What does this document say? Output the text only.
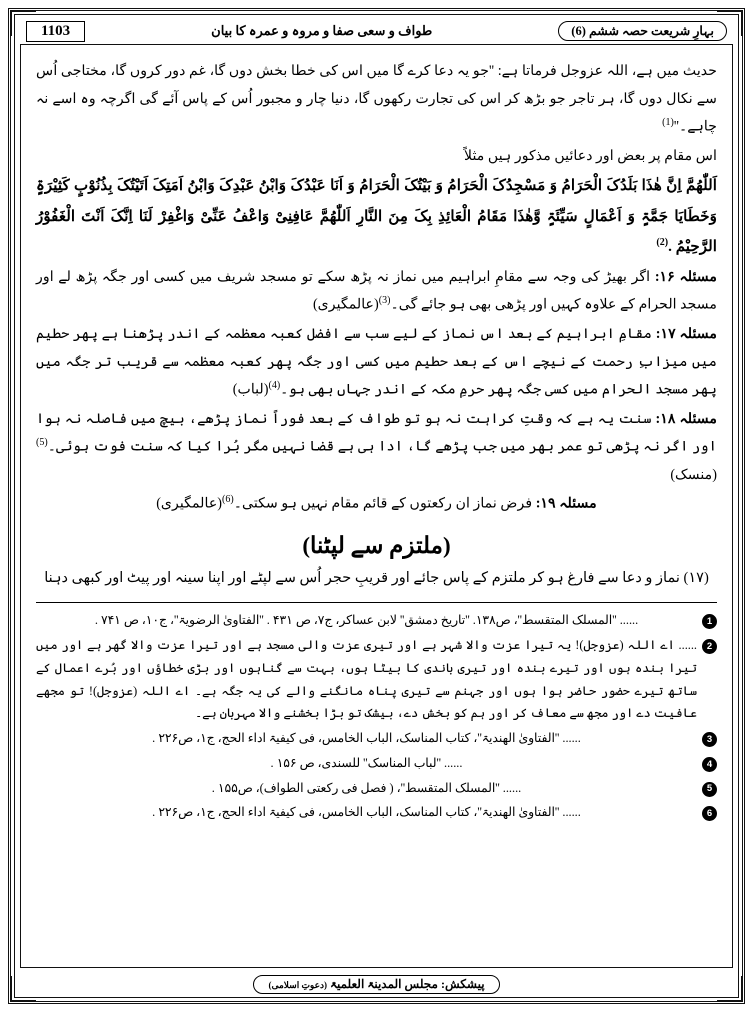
بہارِ شریعت حصہ ششم (6)
طواف و سعی صفا و مروہ و عمرہ کا بیان
1103

حدیث میں ہے، اللہ عزوجل فرماتا ہے: ''جو یہ دعا کرے گا میں اس کی خطا بخش دوں گا، غم دور کروں گا، مختاجی اُس سے نکال دوں گا، ہر تاجر جو بڑھ کر اس کی تجارت رکھوں گا، دنیا چار و مجبور اُس کے پاس آئے گی اگرچہ وہ اسے نہ $چاہے۔''^{(1)}$

اس مقام پر بعض اور دعائیں مذکور ہیں مثلاً

اَللّٰھُمَّ اِنَّ ھٰذَا بَلَدُکَ الْحَرَامُ وَ مَسْجِدُکَ الْحَرَامُ وَ بَیْتُکَ الْحَرَامُ وَ اَنَا عَبْدُکَ وَابْنُ عَبْدِکَ وَابْنُ اَمَتِکَ اَتَیْتُکَ بِذُنُوْبٍ کَثِیْرَۃٍ وَخَطَایَا جَمَّۃٍ وَ اَعْمَالٍ سَیِّئَۃٍ وَّھٰذَا مَقَامُ الْعَائِذِ بِکَ مِنَ النَّارِ اَللّٰھُمَّ عَافِنِیْ وَاعْفُ عَنِّیْ وَاغْفِرْ لَنَا اِنَّکَ اَنْتَ الْغَفُوْرُ الرَّحِیْمُ .$^{(2)}$

مسئلہ ۱۶: اگر بھیڑ کی وجہ سے مقامِ ابراہیم میں نماز نہ پڑھ سکے تو مسجد شریف میں کسی اور جگہ پڑھ لے اور مسجد الحرام کے علاوہ کہیں اور پڑھی بھی ہو جائے گی۔$^{(3)}$(عالمگیری)

مسئلہ ۱۷: مقامِ ابراہیم کے بعد اس نماز کے لیے سب سے افضل کعبہ معظمہ کے اندر پڑھنا ہے پھر حطیم میں میزابِ رحمت کے نیچے اس کے بعد حطیم میں کسی اور جگہ پھر کعبہ معظمہ سے قریب تر جگہ میں پھر مسجد الحرام میں کسی جگہ پھر حرمِ مکہ کے اندر جہاں بھی ہو۔$^{(4)}$(لباب)

مسئلہ ۱۸: سنت یہ ہے کہ وقتِ کراہت نہ ہو تو طواف کے بعد فوراً نماز پڑھے، بیچ میں فاصلہ نہ ہوا اور اگر نہ پڑھی تو عمر بھر میں جب پڑھے گا، ادا ہی ہے قضا نہیں مگر بُرا کیا کہ سنت فوت ہوئی۔$^{(5)}$(منسک)

مسئلہ ۱۹: فرض نماز ان رکعتوں کے قائم مقام نہیں ہو سکتی۔$^{(6)}$(عالمگیری)

(ملتزم سے لپٹنا)
(۱۷) نماز و دعا سے فارغ ہو کر ملتزم کے پاس جائے اور قریبِ حجر اُس سے لپٹے اور اپنا سینہ اور پیٹ اور کبھی دہنا
1
...... ''المسلک المتقسط''، ص۱۳۸. ''تاریخ دمشق'' لابن عساکر، ج۷، ص ۴۳۱ . ''الفتاویٰ الرضویۃ''، ج۱۰، ص ۷۴۱ .
2
...... اے اللہ (عزوجل)! یہ تیرا عزت والا شہر ہے اور تیری عزت والی مسجد ہے اور تیرا عزت والا گھر ہے اور میں تیرا بندہ ہوں اور تیرے بندہ اور تیری باندی کا بیٹا ہوں، بہت سے گناہوں اور بڑی خطاؤں اور بُرے اعمال کے ساتھ تیرے حضور حاضر ہوا ہوں اور جہنم سے تیری پناہ مانگنے والے کی یہ جگہ ہے۔ اے اللہ (عزوجل)! تو مجھے عافیت دے اور مجھ سے معاف کر اور ہم کو بخش دے، بیشک تو بڑا بخشنے والا مہربان ہے۔
3
...... ''الفتاویٰ الھندیۃ''، کتاب المناسک، الباب الخامس، فی کیفیۃ اداء الحج، ج۱، ص۲۲۶ .
4
...... ''لباب المناسک'' للسندی، ص ۱۵۶ .
5
...... ''المسلک المتقسط''، ( فصل فی رکعتی الطواف)، ص۱۵۵ .
6
...... ''الفتاویٰ الھندیۃ''، کتاب المناسک، الباب الخامس، فی کیفیۃ اداء الحج، ج۱، ص۲۲۶ .
پیشکش: مجلس المدینۃ العلمیۃ (دعوتِ اسلامی)
